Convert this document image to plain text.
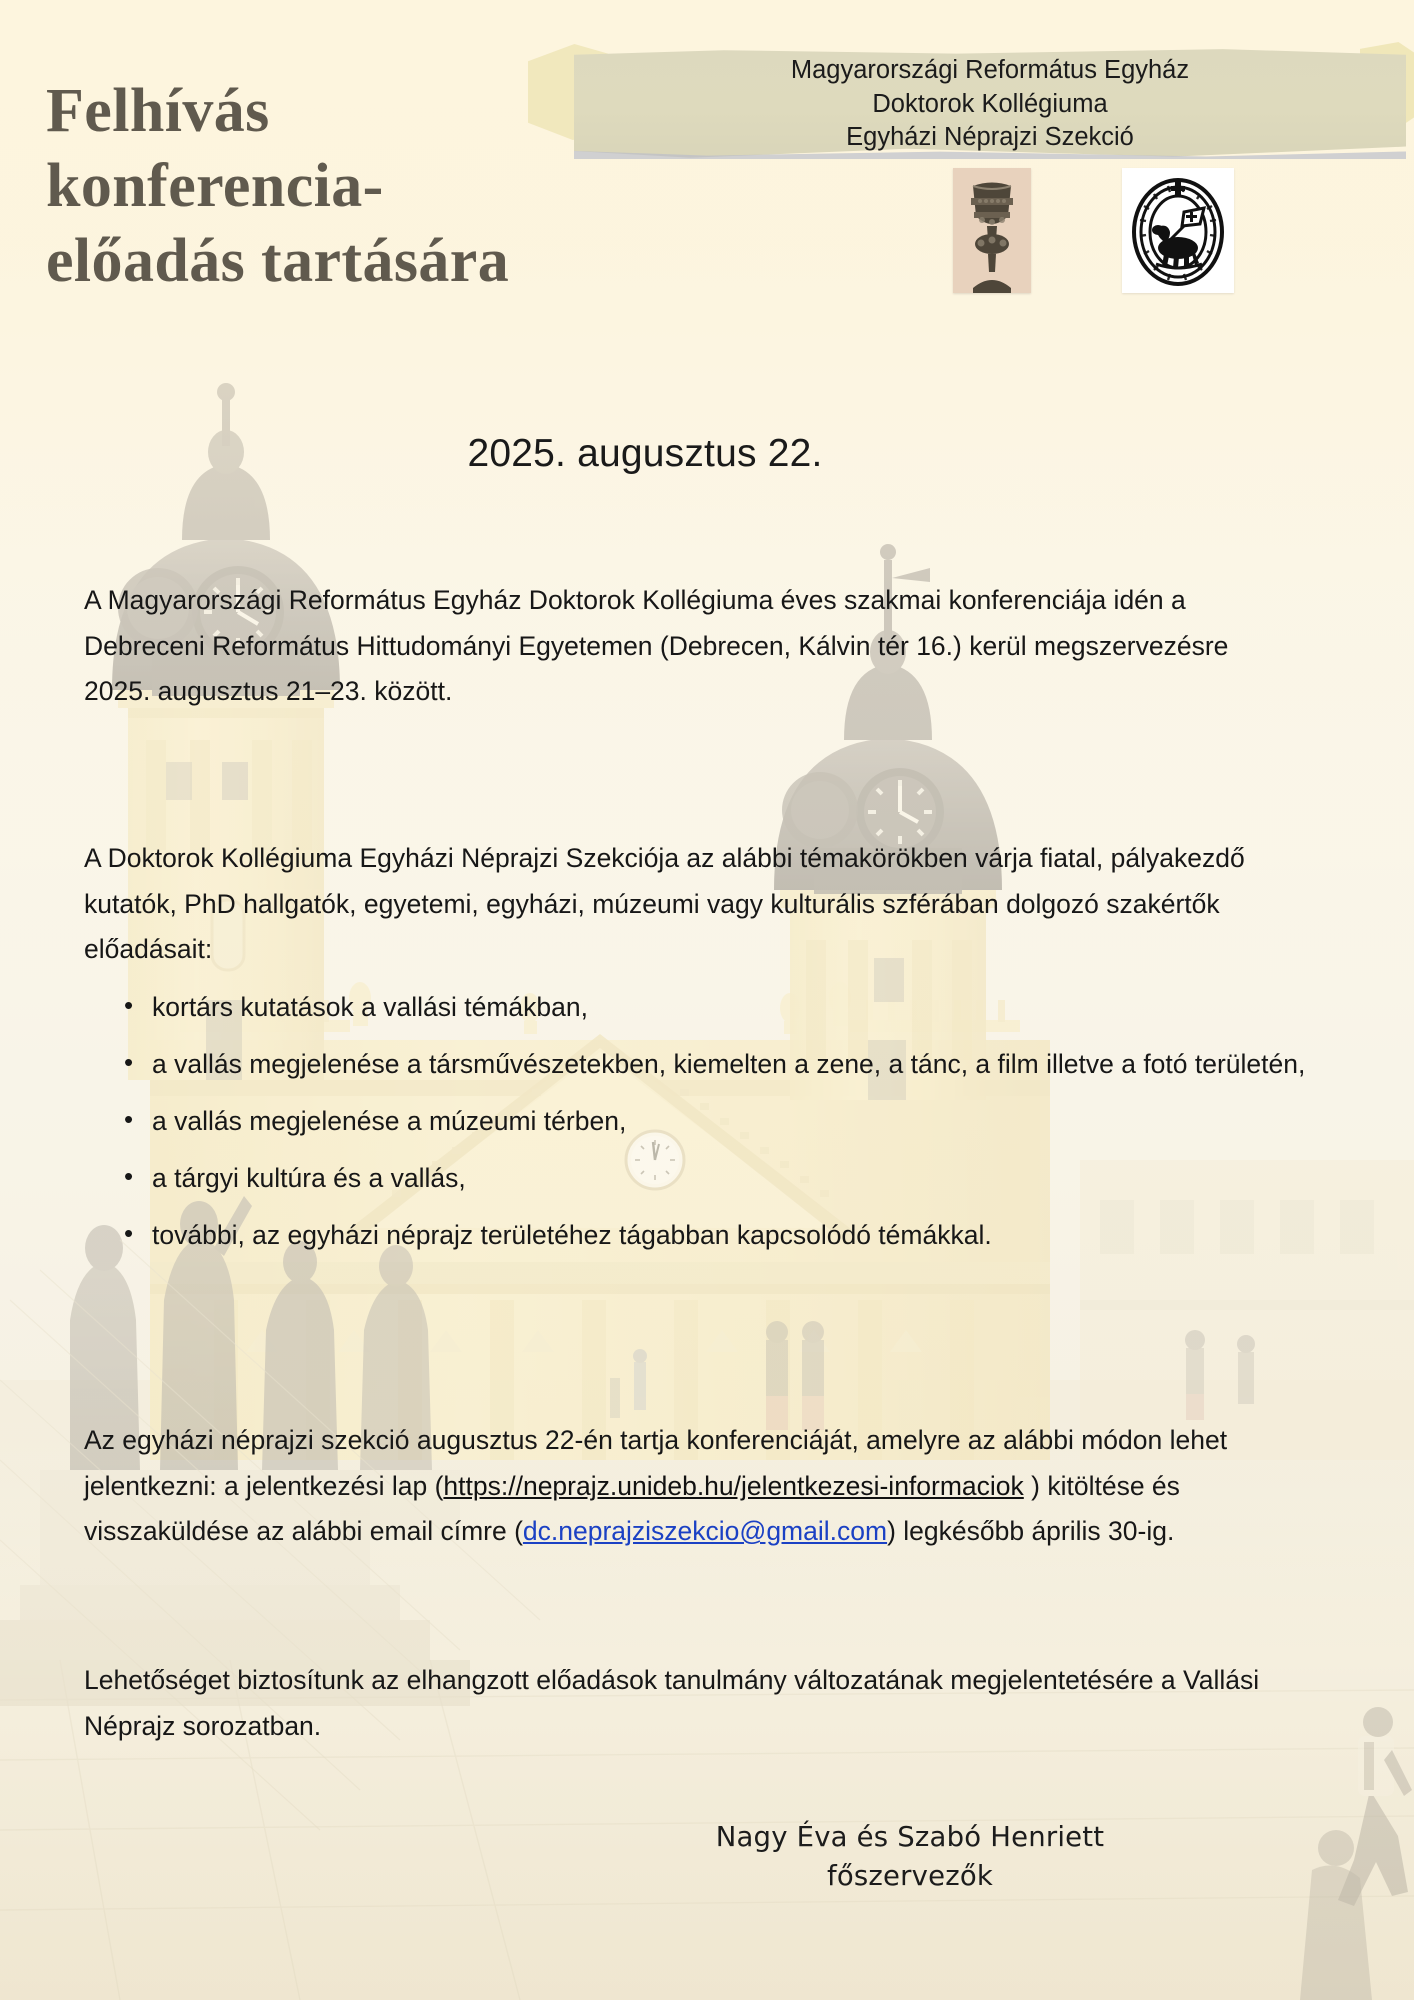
Magyarországi Református Egyház
Doktorok Kollégiuma
Egyházi Néprajzi Szekció
Felhívás
konferencia-
előadás tartására
2025. augusztus 22.

A Magyarországi Református Egyház Doktorok Kollégiuma éves szakmai konferenciája idén a Debreceni Református Hittudományi Egyetemen (Debrecen, Kálvin tér 16.) kerül megszervezésre 2025. augusztus 21–23. között.

A Doktorok Kollégiuma Egyházi Néprajzi Szekciója az alábbi témakörökben várja fiatal, pályakezdő kutatók, PhD hallgatók, egyetemi, egyházi, múzeumi vagy kulturális szférában dolgozó szakértők előadásait:

• kortárs kutatások a vallási témákban,
• a vallás megjelenése a társművészetekben, kiemelten a zene, a tánc, a film illetve a fotó területén,
• a vallás megjelenése a múzeumi térben,
• a tárgyi kultúra és a vallás,
• további, az egyházi néprajz területéhez tágabban kapcsolódó témákkal.

Az egyházi néprajzi szekció augusztus 22-én tartja konferenciáját, amelyre az alábbi módon lehet jelentkezni: a jelentkezési lap (https://neprajz.unideb.hu/jelentkezesi-informaciok ) kitöltése és visszaküldése az alábbi email címre (dc.neprajziszekcio@gmail.com) legkésőbb április 30-ig.

Lehetőséget biztosítunk az elhangzott előadások tanulmány változatának megjelentetésére a Vallási Néprajz sorozatban.

Nagy Éva és Szabó Henriett
főszervezők
